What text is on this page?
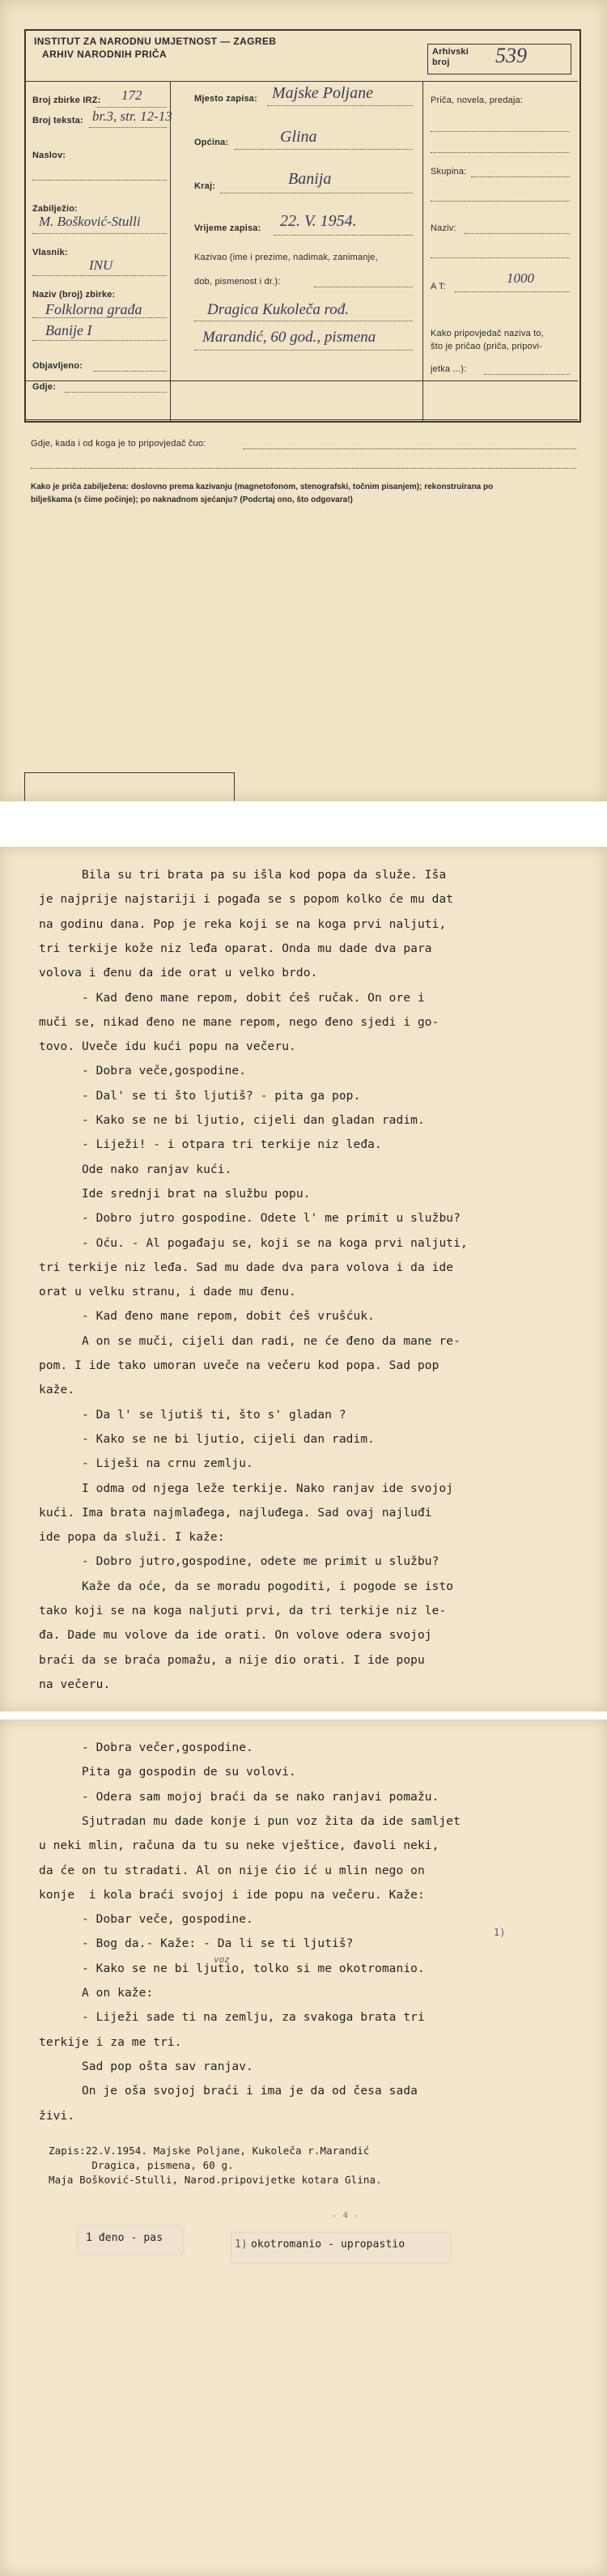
INSTITUT ZA NARODNU UMJETNOST — ZAGREB
ARHIV NARODNIH PRIČA	Arhivski broj	539
Broj zbirke IRZ: 172
Broj teksta: br.3, str. 12-13
Naslov:
Zabilježio:
M. Bošković-Stulli
Vlasnik:
INU
Naziv (broj) zbirke:
Folklorna građa
Banije I
Objavljeno:
Gdje:
Mjesto zapisa: Majske Poljane
Općina:	Glina
Kraj:	Banija
Vrijeme zapisa: 22. V. 1954.
Kazivao (ime i prezime, nadimak, zanimanje,
dob, pismenost i dr.):
Dragica Kukoleča rođ.
Marandić, 60 god., pismena
Priča, novela, predaja:
Skupina:
Naziv:
A T:
1000
Kako pripovjedač naziva to,
što je pričao (priča, pripovi-
jetka ...):
Gdje, kada i od koga je to pripovjedač čuo:
Kako je priča zabilježena: doslovno prema kazivanju (magnetofonom, stenografski, točnim pisanjem); rekonstruirana po
bilješkama (s čime počinje); po naknadnom sjećanju? (Podcrtaj ono, što odgovara!)
Bila su tri brata pa su išla kod popa da služe. Iša
je najprije najstariji i pogađa se s popom kolko će mu dat
na godinu dana. Pop je reka koji se na koga prvi naljuti,
tri terkije kože niz leđa oparat. Onda mu dade dva para
volova i đenu da ide orat u velko brdo.
- Kad đeno mane repom, dobit ćeš ručak. On ore i
muči se, nikad đeno ne mane repom, nego đeno sjedi i go-
tovo. Uveče idu kući popu na večeru.
- Dobra veče,gospodine.
- Dal' se ti što ljutiš? - pita ga pop.
- Kako se ne bi ljutio, cijeli dan gladan radim.
- Liježi! - i otpara tri terkije niz leđa.
Ode nako ranjav kući.
Ide srednji brat na službu popu.
- Dobro jutro gospodine. Odete l' me primit u službu?
- Oću. - Al pogađaju se, koji se na koga prvi naljuti,
tri terkije niz leđa. Sad mu dade dva para volova i da ide
orat u velku stranu, i dade mu đenu.
- Kad đeno mane repom, dobit ćeš vrušćuk.
A on se muči, cijeli dan radi, ne će đeno da mane re-
pom. I ide tako umoran uveče na večeru kod popa. Sad pop
kaže.
- Da l' se ljutiš ti, što s' gladan ?
- Kako se ne bi ljutio, cijeli dan radim.
- Liješi na crnu zemlju.
I odma od njega leže terkije. Nako ranjav ide svojoj
kući. Ima brata najmlađega, najluđega. Sad ovaj najluđi
ide popa da služi. I kaže:
- Dobro jutro,gospodine, odete me primit u službu?
Kaže da oće, da se moradu pogoditi, i pogode se isto
tako koji se na koga naljuti prvi, da tri terkije niz le-
đa. Dade mu volove da ide orati. On volove odera svojoj
braći da se braća pomažu, a nije dio orati. I ide popu
na večeru.
- Dobra večer,gospodine.
Pita ga gospodin de su volovi.
- Odera sam mojoj braći da se nako ranjavi pomažu.
Sjutradan mu dade konje i pun voz žita da ide samljet
u neki mlin, računa da tu su neke vještice, đavoli neki,
da će on tu stradati. Al on nije ćio ić u mlin nego on
konje  i kola braći svojoj i ide popu na večeru. Kaže:
- Dobar veče, gospodine.
- Bog da.- Kaže: - Da li se ti ljutiš?
- Kako se ne bi ljutio, tolko si me okotromanio.
A on kaže:
- Liježi sade ti na zemlju, za svakoga brata tri
terkije i za me tri.
Sad pop ošta sav ranjav.
On je oša svojoj braći i ima je da od česa sada
živi.
voz
1)
Zapis:22.V.1954. Majske Poljane, Kukoleča r.Marandić
Dragica, pismena, 60 g.
Maja Bošković-Stulli, Narod.pripovijetke kotara Glina.
- 4 -
1 đeno - pas
1) okotromanio - upropastio
